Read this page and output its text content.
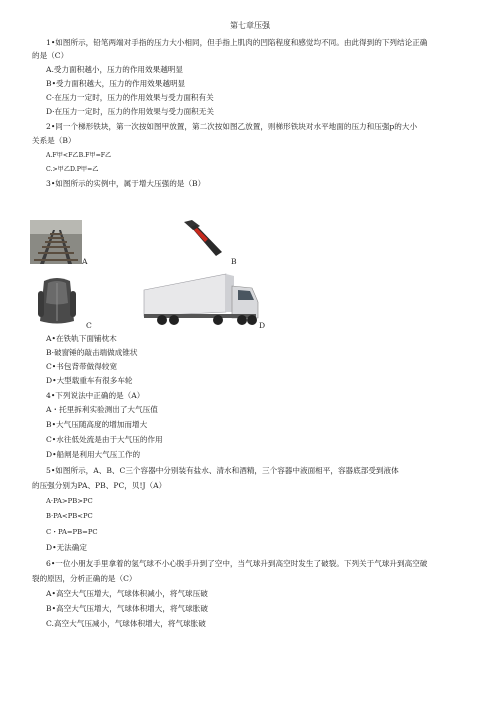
第七章压强
1•如图所示，铅笔两端对手指的压力大小相同，但手指上肌肉的凹陷程度和感觉均不同。由此得到的下列结论正确
的是（C）
A.受力面积越小，压力的作用效果越明显
B•受力面积越大，压力的作用效果越明显
C·在压力一定时，压力的作用效果与受力面积有关
D·在压力一定时，压力的作用效果与受力面积无关
2•同一个梯形铁块，第一次按如图甲放置，第二次按如图乙放置，则梯形铁块对水平地面的压力和压强p的大小
关系是（B）
A.F甲<F乙B.F甲=F乙
C.>甲乙D.P甲=乙
3•如图所示的实例中，属于增大压强的是（B）
A	B
C	D
A•在铁轨下面铺枕木
B·破窗锤的敲击端做成锥状
C•书包背带做得较宽
D•大型载重车有很多车轮
4•下列说法中正确的是（A）
A・托里拆利实验测出了大气压值
B•大气压随高度的增加而增大
C•水往低处流是由于大气压的作用
D•船闸是利用大气压工作的
5•如图所示，A、B、C三个容器中分别装有盐水、清水和酒精，三个容器中液面相平，容器底部受到液体
的压强分别为PA、PB、PC，贝!J（A）
A·PA>PB>PC
B·PA<PB<PC
C・PA=PB=PC
D•无法确定
6•一位小朋友手里拿着的氢气球不小心脱手升到了空中，当气球升到高空时发生了破裂。下列关于气球升到高空破
裂的原因，分析正确的是（C）
A•高空大气压增大，气球体积减小，将气球压破
B•高空大气压增大，气球体积增大，将气球胀破
C.高空大气压减小，气球体积增大，将气球胀破
